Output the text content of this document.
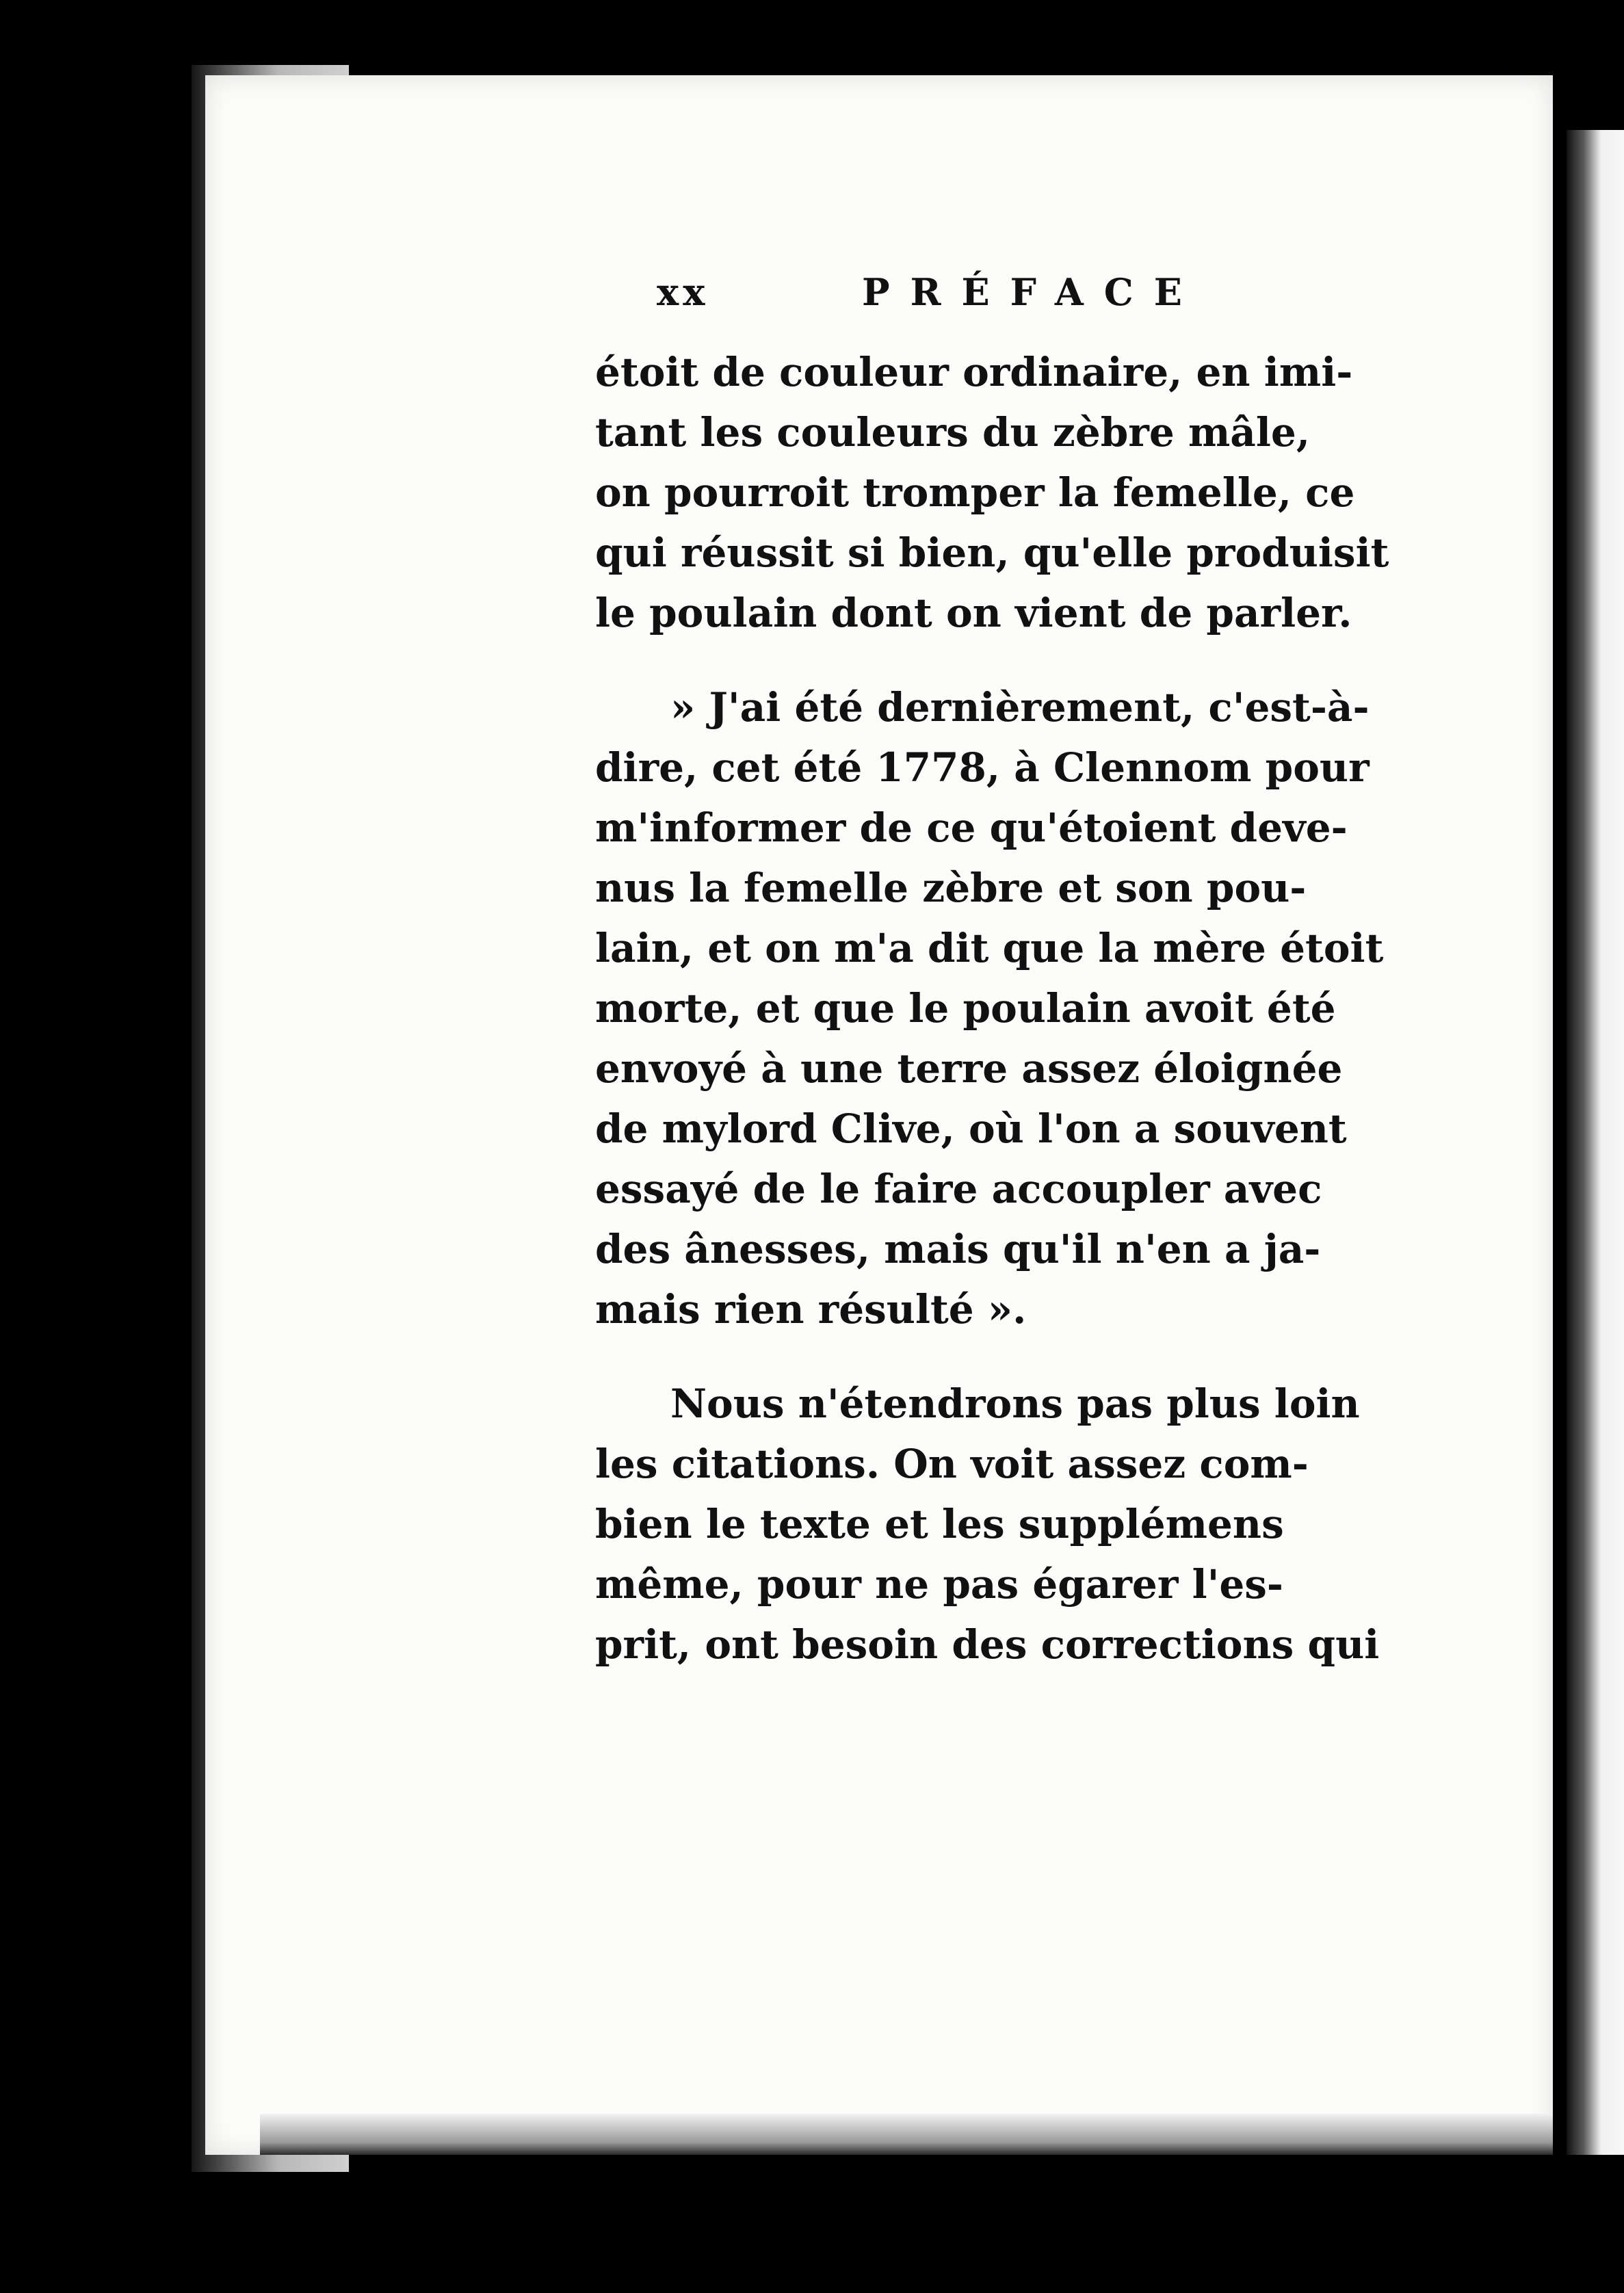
xx	PRÉFACE

étoit de couleur ordinaire, en imi-
tant les couleurs du zèbre mâle,
on pourroit tromper la femelle, ce
qui réussit si bien, qu'elle produisit
le poulain dont on vient de parler.

» J'ai été dernièrement, c'est-à-
dire, cet été 1778, à Clennom pour
m'informer de ce qu'étoient deve-
nus la femelle zèbre et son pou-
lain, et on m'a dit que la mère étoit
morte, et que le poulain avoit été
envoyé à une terre assez éloignée
de mylord Clive, où l'on a souvent
essayé de le faire accoupler avec
des ânesses, mais qu'il n'en a ja-
mais rien résulté ».

Nous n'étendrons pas plus loin
les citations. On voit assez com-
bien le texte et les supplémens
même, pour ne pas égarer l'es-
prit, ont besoin des corrections qui
